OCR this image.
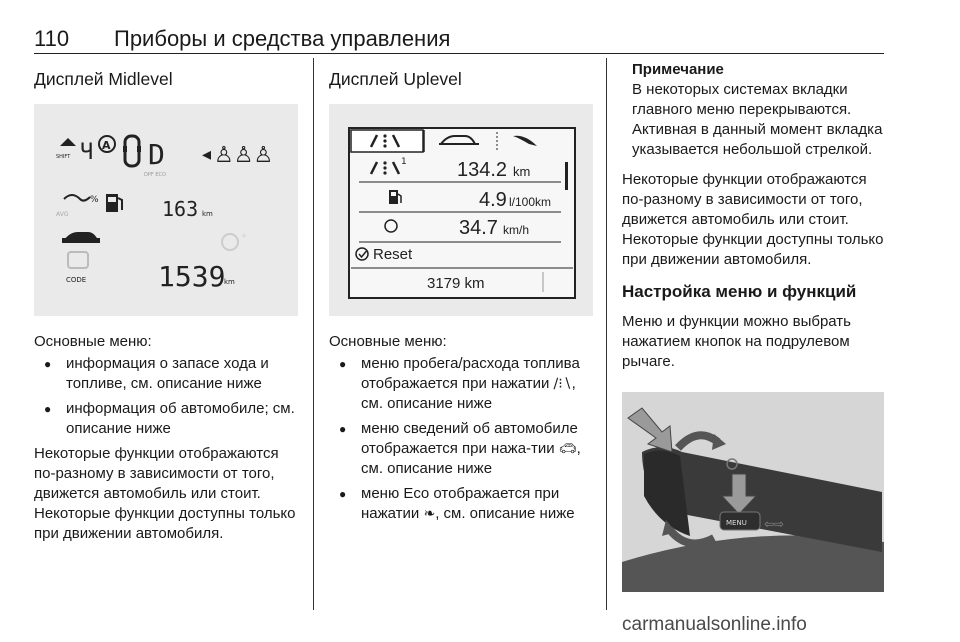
110 Приборы и средства управления
Дисплей Midlevel
SHIFT Ч A D
DPF ECO
◂ ♙♙♙
%
AVG	163 km
CODE
+
1539
km
Основные меню:
● информация о запасе хода и топливе, см. описание ниже
● информация об автомобиле; см. описание ниже
Некоторые функции отображаются по-разному в зависимости от того, движется автомобиль или стоит. Некоторые функции доступны только при движении автомобиля.
Дисплей Uplevel
1	134.2 km
4.9 l/100km
34.7 km/h
Reset
3179 km
Основные меню:
● меню пробега/расхода топлива отображается при нажатии ∕⁝∖, см. описание ниже
● меню сведений об автомобиле отображается при нажа-тии 🚗︎, см. описание ниже
● меню Eco отображается при нажатии ❧, см. описание ниже
Примечание
В некоторых системах вкладки главного меню перекрываются. Активная в данный момент вкладка указывается небольшой стрелкой.
Некоторые функции отображаются по-разному в зависимости от того, движется автомобиль или стоит. Некоторые функции доступны только при движении автомобиля.
Настройка меню и функций
Меню и функции можно выбрать нажатием кнопок на подрулевом рычаге.
MENU ⇦⇨
carmanualsonline.info
